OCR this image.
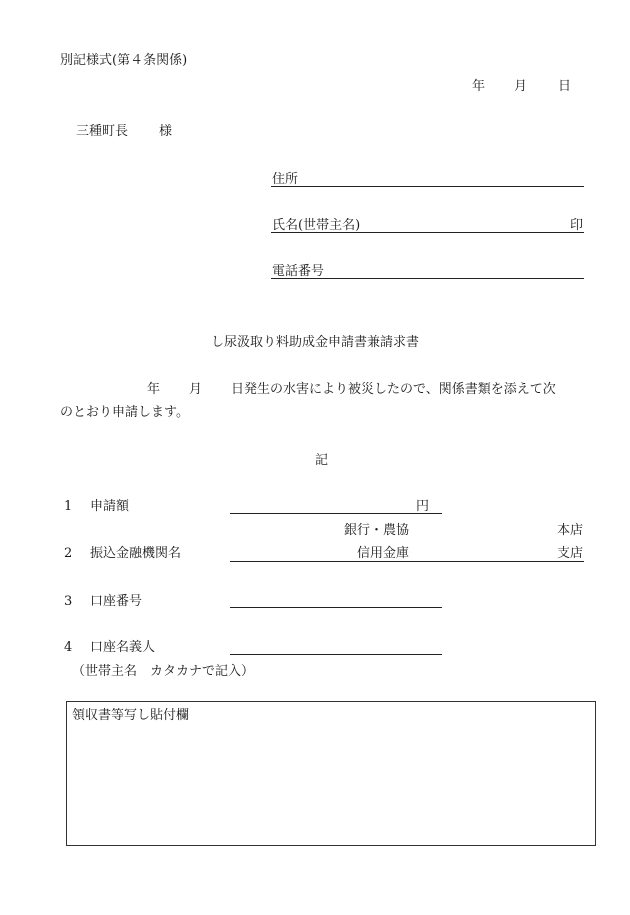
別記様式(第４条関係)
年 月 日
三種町長 様
住所
氏名(世帯主名)	印
電話番号
し尿汲取り料助成金申請書兼請求書
年 月 日発生の水害により被災したので、関係書類を添えて次
のとおり申請します。
記
1 申請額	円
銀行・農協	本店
2 振込金融機関名	信用金庫	支店
3 口座番号
4 口座名義人
（世帯主名　カタカナで記入）
領収書等写し貼付欄
